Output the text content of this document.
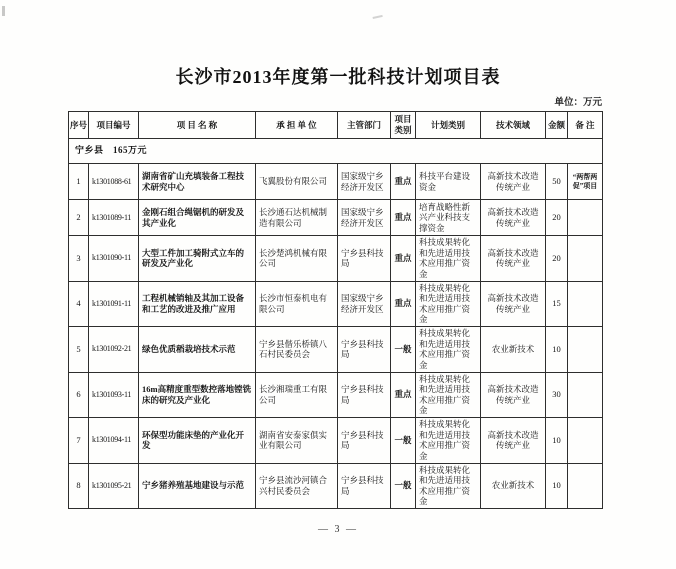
长沙市2013年度第一批科技计划项目表
单位：万元
序号	项目编号	项 目 名 称	承 担 单 位	主管部门	项目 类别	计划类别	技术领域	金额	备 注
宁乡县　165万元									
1	k1301088-61	湖南省矿山充填装备工程技术研究中心	飞翼股份有限公司	国家级宁乡经济开发区	重点	科技平台建设资金	高新技术改造传统产业	50	“两帮两促”项目
2	k1301089-11	金刚石组合绳锯机的研发及其产业化	长沙通石达机械制造有限公司	国家级宁乡经济开发区	重点	培育战略性新兴产业科技支撑资金	高新技术改造传统产业	20	
3	k1301090-11	大型工件加工骑附式立车的研发及产业化	长沙楚鸿机械有限公司	宁乡县科技局	重点	科技成果转化和先进适用技术应用推广资金	高新技术改造传统产业	20	
4	k1301091-11	工程机械销轴及其加工设备和工艺的改进及推广应用	长沙市恒泰机电有限公司	国家级宁乡经济开发区	重点	科技成果转化和先进适用技术应用推广资金	高新技术改造传统产业	15	
5	k1301092-21	绿色优质稻栽培技术示范	宁乡县偕乐桥镇八石村民委员会	宁乡县科技局	一般	科技成果转化和先进适用技术应用推广资金	农业新技术	10	
6	k1301093-11	16m高精度重型数控落地镗铣床的研究及产业化	长沙湘瑞重工有限公司	宁乡县科技局	重点	科技成果转化和先进适用技术应用推广资金	高新技术改造传统产业	30	
7	k1301094-11	环保型功能床垫的产业化开发	湖南省安泰家俱实业有限公司	宁乡县科技局	一般	科技成果转化和先进适用技术应用推广资金	高新技术改造传统产业	10	
8	k1301095-21	宁乡猪养殖基地建设与示范	宁乡县流沙河镇合兴村民委员会	宁乡县科技局	一般	科技成果转化和先进适用技术应用推广资金	农业新技术	10	
— 3 —
